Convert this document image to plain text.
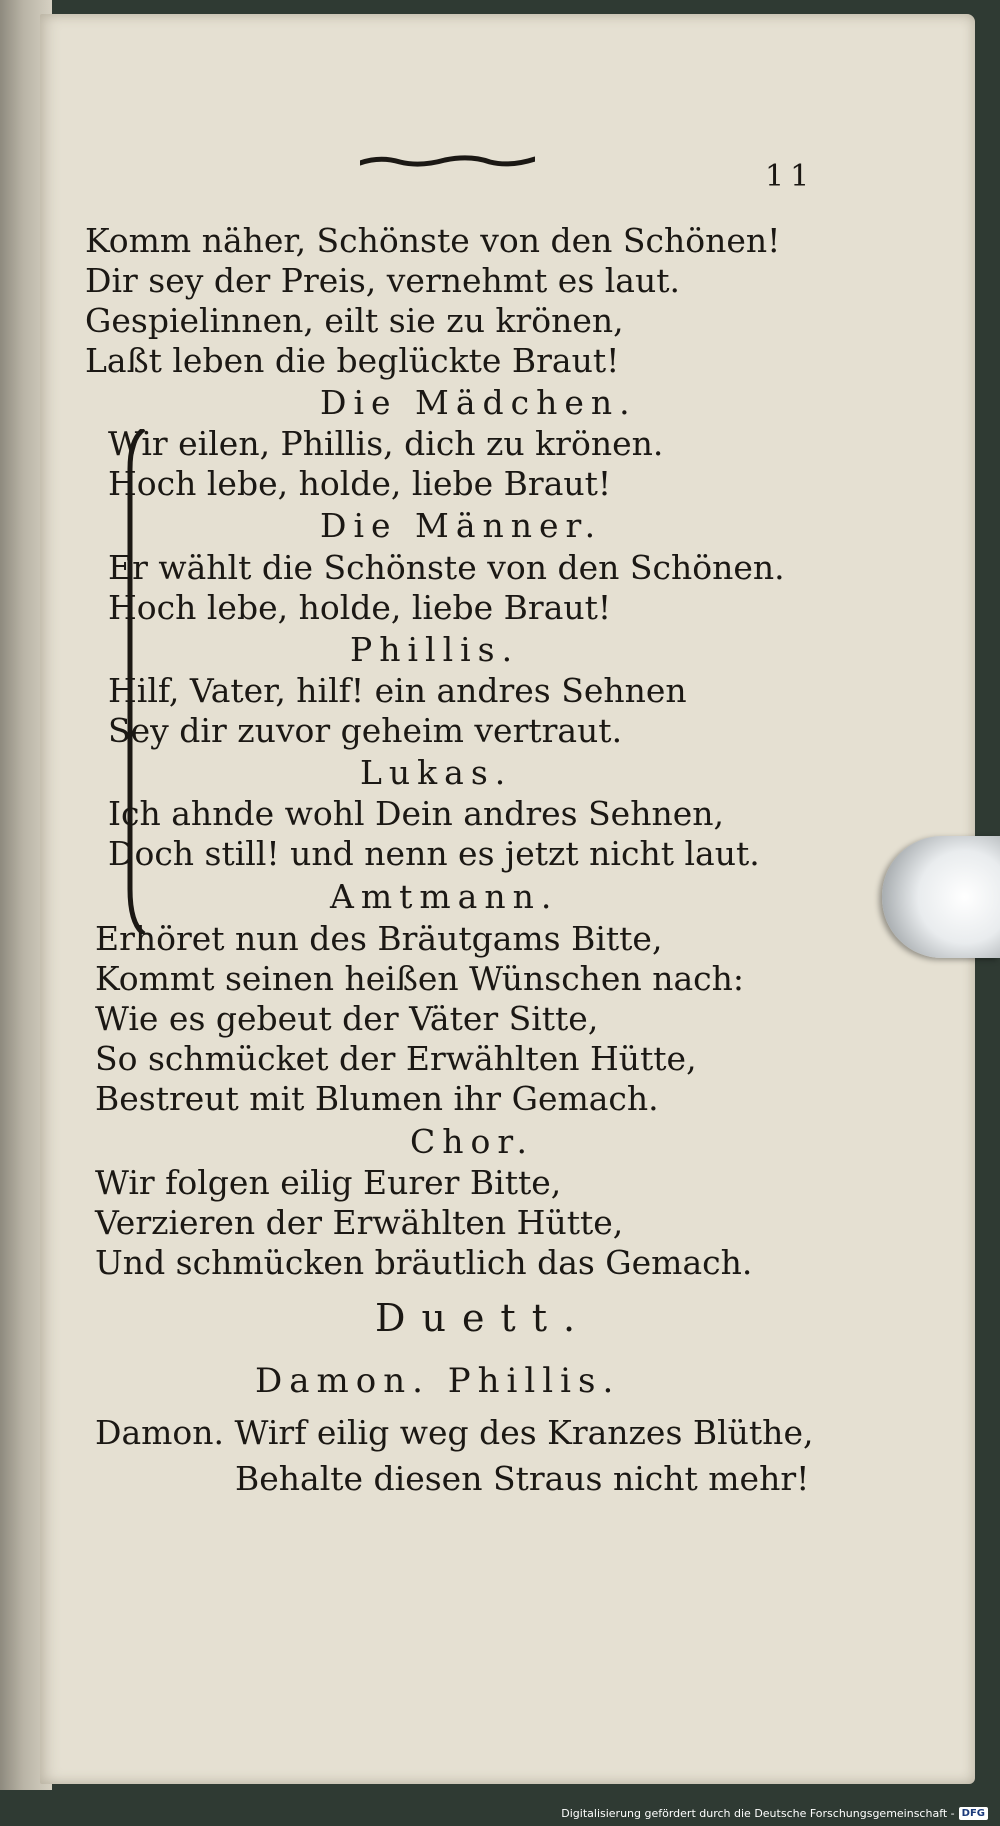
11
Komm näher, Schönste von den Schönen!
Dir sey der Preis, vernehmt es laut.
Gespielinnen, eilt sie zu krönen,
Laßt leben die beglückte Braut!
Die Mädchen.
Wir eilen, Phillis, dich zu krönen.
Hoch lebe, holde, liebe Braut!
Die Männer.
Er wählt die Schönste von den Schönen.
Hoch lebe, holde, liebe Braut!
Phillis.
Hilf, Vater, hilf! ein andres Sehnen
Sey dir zuvor geheim vertraut.
Lukas.
Ich ahnde wohl Dein andres Sehnen,
Doch still! und nenn es jetzt nicht laut.
Amtmann.
Erhöret nun des Bräutgams Bitte,
Kommt seinen heißen Wünschen nach:
Wie es gebeut der Väter Sitte,
So schmücket der Erwählten Hütte,
Bestreut mit Blumen ihr Gemach.
Chor.
Wir folgen eilig Eurer Bitte,
Verzieren der Erwählten Hütte,
Und schmücken bräutlich das Gemach.
Duett.
Damon. Phillis.
Damon. Wirf eilig weg des Kranzes Blüthe,
Behalte diesen Straus nicht mehr!
Digitalisierung gefördert durch die Deutsche Forschungsgemeinschaft - DFG
